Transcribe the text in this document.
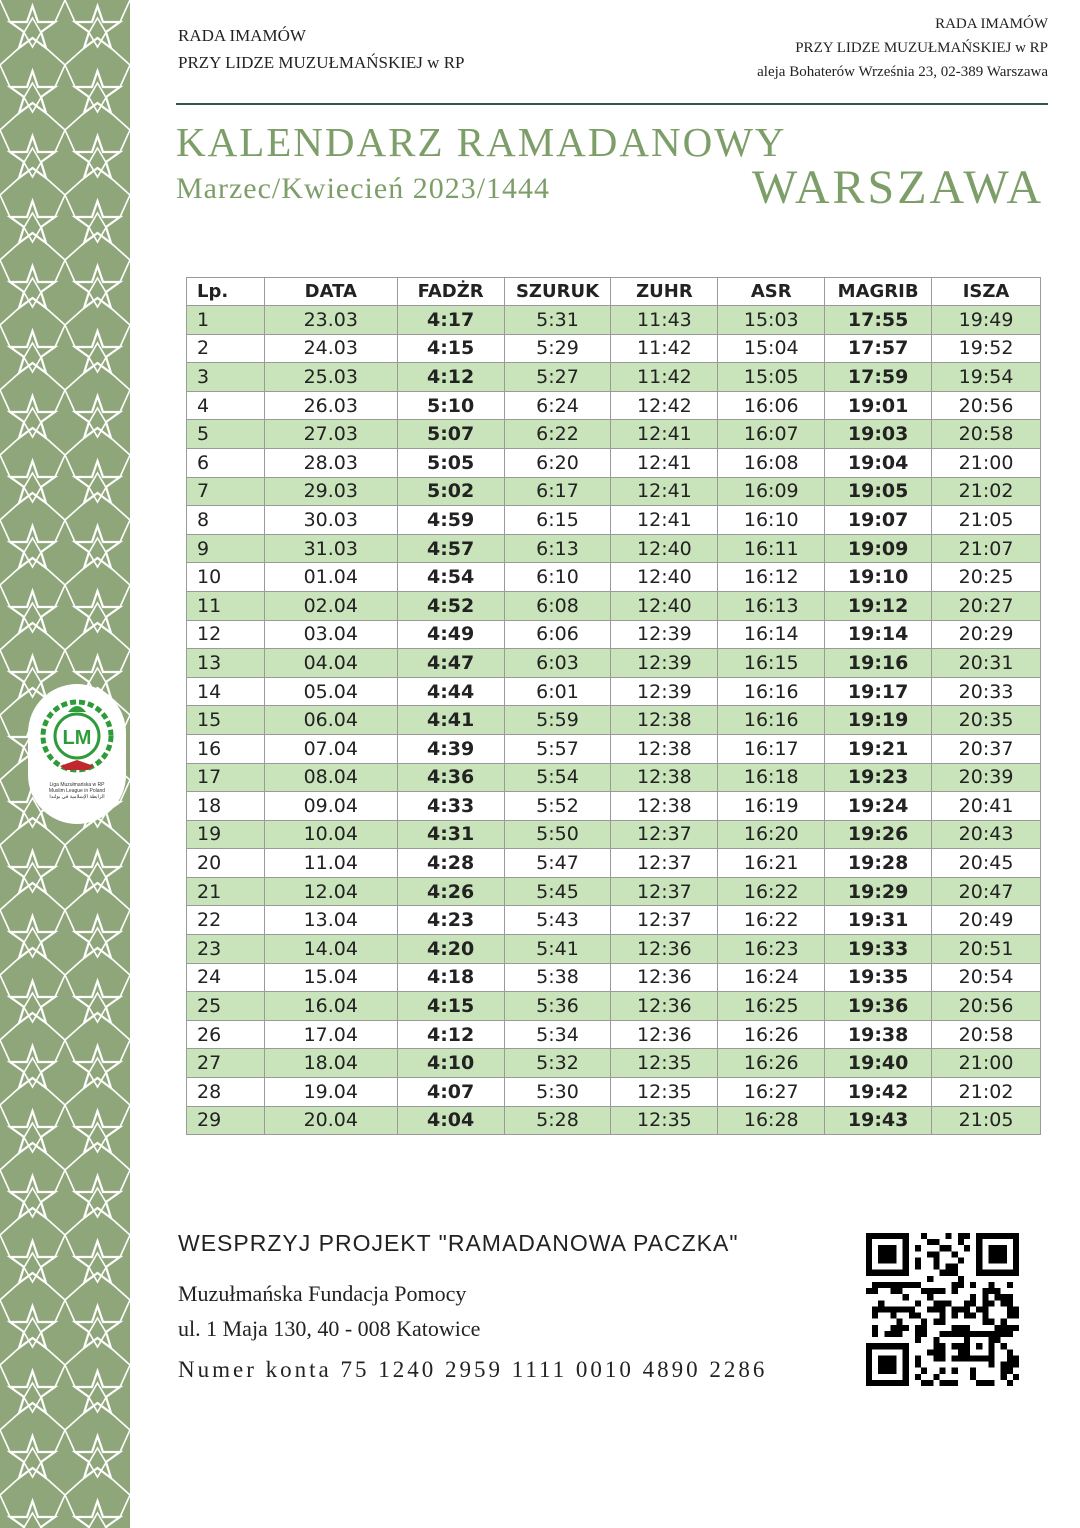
LM
Liga Muzułmańska w RP
Muslim League in Poland
الرابطة الإسلامية في بولندا
RADA IMAMÓW
PRZY LIDZE MUZUŁMAŃSKIEJ w RP
RADA IMAMÓW
PRZY LIDZE MUZUŁMAŃSKIEJ w RP
aleja Bohaterów Września 23, 02-389 Warszawa
KALENDARZ RAMADANOWY
Marzec/Kwiecień 2023/1444	WARSZAWA
Lp.	DATA	FADŻR	SZURUK	ZUHR	ASR	MAGRIB	ISZA
1	23.03	4:17	5:31	11:43	15:03	17:55	19:49
2	24.03	4:15	5:29	11:42	15:04	17:57	19:52
3	25.03	4:12	5:27	11:42	15:05	17:59	19:54
4	26.03	5:10	6:24	12:42	16:06	19:01	20:56
5	27.03	5:07	6:22	12:41	16:07	19:03	20:58
6	28.03	5:05	6:20	12:41	16:08	19:04	21:00
7	29.03	5:02	6:17	12:41	16:09	19:05	21:02
8	30.03	4:59	6:15	12:41	16:10	19:07	21:05
9	31.03	4:57	6:13	12:40	16:11	19:09	21:07
10	01.04	4:54	6:10	12:40	16:12	19:10	20:25
11	02.04	4:52	6:08	12:40	16:13	19:12	20:27
12	03.04	4:49	6:06	12:39	16:14	19:14	20:29
13	04.04	4:47	6:03	12:39	16:15	19:16	20:31
14	05.04	4:44	6:01	12:39	16:16	19:17	20:33
15	06.04	4:41	5:59	12:38	16:16	19:19	20:35
16	07.04	4:39	5:57	12:38	16:17	19:21	20:37
17	08.04	4:36	5:54	12:38	16:18	19:23	20:39
18	09.04	4:33	5:52	12:38	16:19	19:24	20:41
19	10.04	4:31	5:50	12:37	16:20	19:26	20:43
20	11.04	4:28	5:47	12:37	16:21	19:28	20:45
21	12.04	4:26	5:45	12:37	16:22	19:29	20:47
22	13.04	4:23	5:43	12:37	16:22	19:31	20:49
23	14.04	4:20	5:41	12:36	16:23	19:33	20:51
24	15.04	4:18	5:38	12:36	16:24	19:35	20:54
25	16.04	4:15	5:36	12:36	16:25	19:36	20:56
26	17.04	4:12	5:34	12:36	16:26	19:38	20:58
27	18.04	4:10	5:32	12:35	16:26	19:40	21:00
28	19.04	4:07	5:30	12:35	16:27	19:42	21:02
29	20.04	4:04	5:28	12:35	16:28	19:43	21:05
WESPRZYJ PROJEKT "RAMADANOWA PACZKA"
Muzułmańska Fundacja Pomocy
ul. 1 Maja 130, 40 - 008 Katowice
Numer konta 75 1240 2959 1111 0010 4890 2286
